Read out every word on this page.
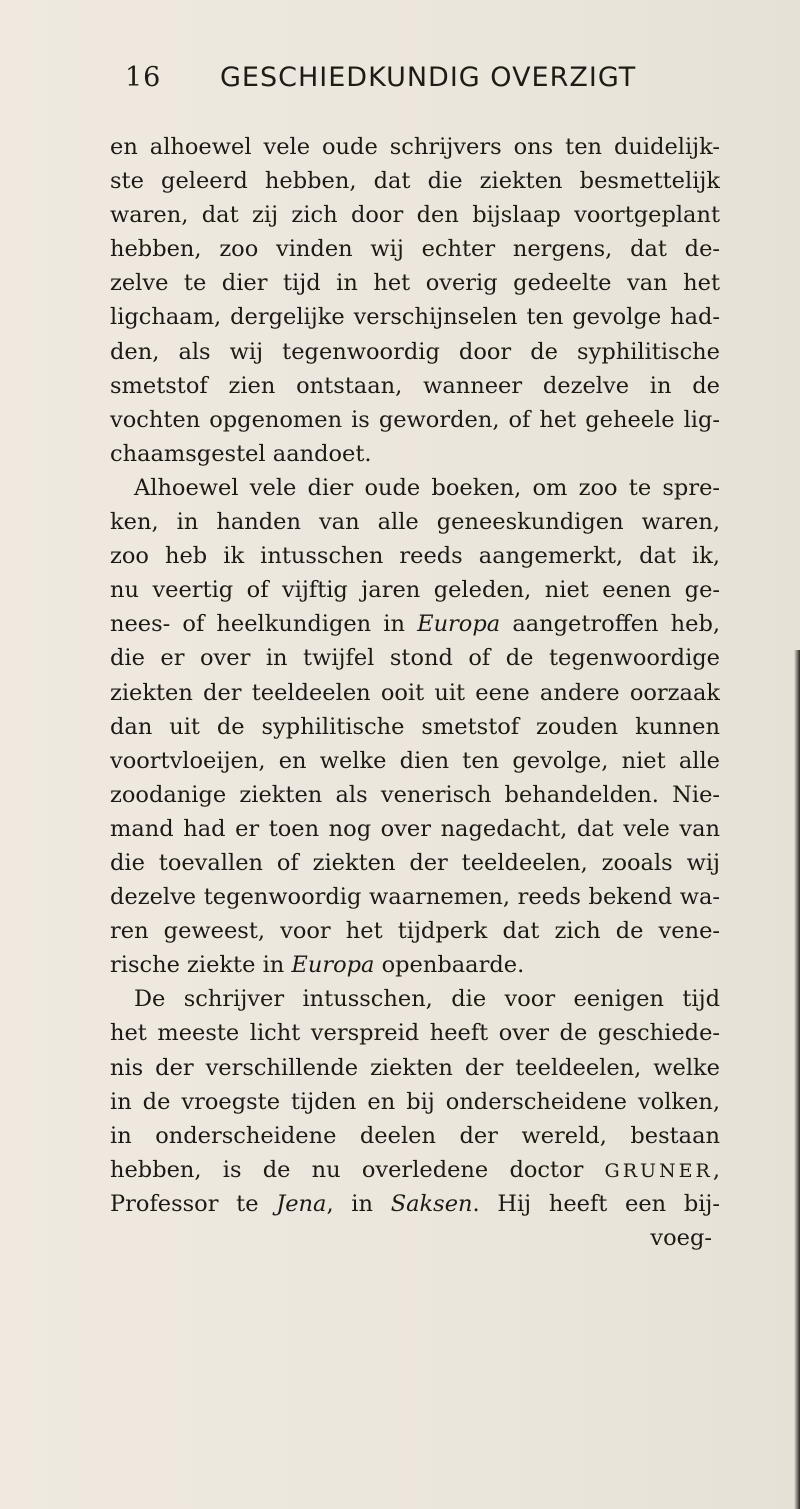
16	GESCHIEDKUNDIG OVERZIGT
en alhoewel vele oude schrijvers ons ten duidelijk-
ste geleerd hebben, dat die ziekten besmettelijk
waren, dat zij zich door den bijslaap voortgeplant
hebben, zoo vinden wij echter nergens, dat de-
zelve te dier tijd in het overig gedeelte van het
ligchaam, dergelijke verschijnselen ten gevolge had-
den, als wij tegenwoordig door de syphilitische
smetstof zien ontstaan, wanneer dezelve in de
vochten opgenomen is geworden, of het geheele lig-
chaamsgestel aandoet.
Alhoewel vele dier oude boeken, om zoo te spre-
ken, in handen van alle geneeskundigen waren,
zoo heb ik intusschen reeds aangemerkt, dat ik,
nu veertig of vijftig jaren geleden, niet eenen ge-
nees- of heelkundigen in Europa aangetroffen heb,
die er over in twijfel stond of de tegenwoordige
ziekten der teeldeelen ooit uit eene andere oorzaak
dan uit de syphilitische smetstof zouden kunnen
voortvloeijen, en welke dien ten gevolge, niet alle
zoodanige ziekten als venerisch behandelden. Nie-
mand had er toen nog over nagedacht, dat vele van
die toevallen of ziekten der teeldeelen, zooals wij
dezelve tegenwoordig waarnemen, reeds bekend wa-
ren geweest, voor het tijdperk dat zich de vene-
rische ziekte in Europa openbaarde.
De schrijver intusschen, die voor eenigen tijd
het meeste licht verspreid heeft over de geschiede-
nis der verschillende ziekten der teeldeelen, welke
in de vroegste tijden en bij onderscheidene volken,
in onderscheidene deelen der wereld, bestaan
hebben, is de nu overledene doctor GRUNER,
Professor te Jena, in Saksen. Hij heeft een bij-
voeg-
